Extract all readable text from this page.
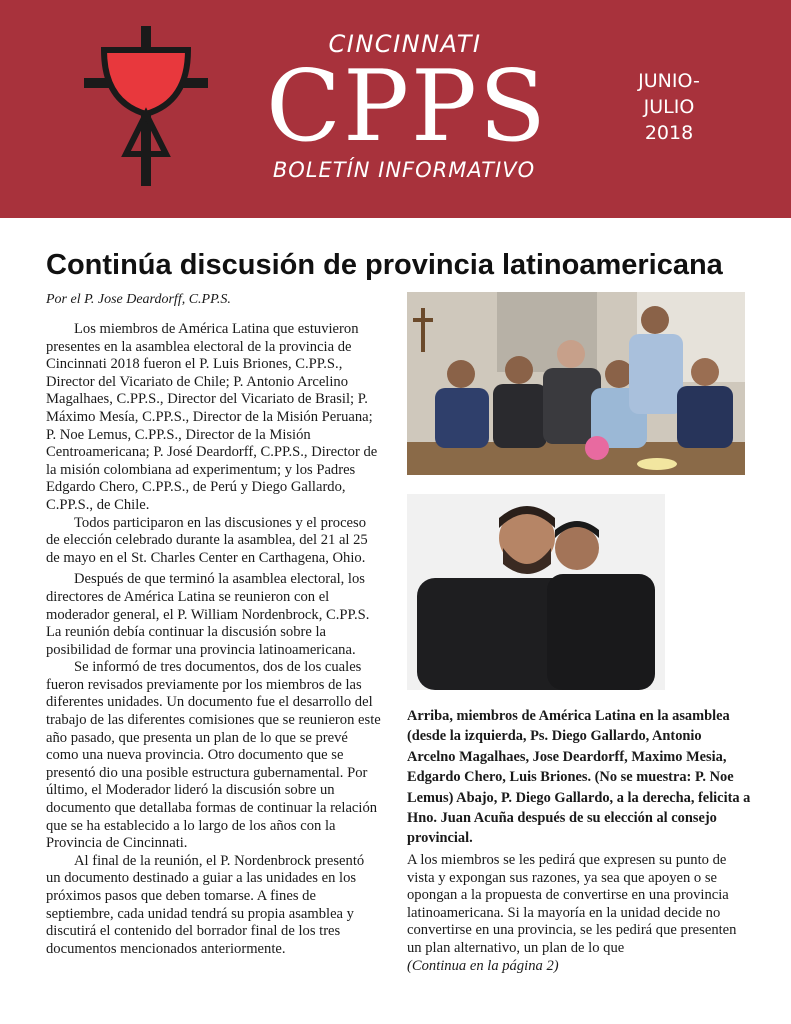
CINCINNATI
CPPS
BOLETÍN INFORMATIVO
JUNIO-
JULIO
2018
Continúa discusión de provincia latinoamericana
Por el P. Jose Deardorff, C.PP.S.

Los miembros de América Latina que estuvieron presentes en la asamblea electoral de la provincia de Cincinnati 2018 fueron el P. Luis Briones, C.PP.S., Director del Vicariato de Chile; P. Antonio Arcelino Magalhaes, C.PP.S., Director del Vicariato de Brasil; P. Máximo Mesía, C.PP.S., Director de la Misión Peruana; P. Noe Lemus, C.PP.S., Director de la Misión Centroamericana; P. José Deardorff, C.PP.S., Director de la misión colombiana ad experimentum; y los Padres Edgardo Chero, C.PP.S., de Perú y Diego Gallardo, C.PP.S., de Chile.

Todos participaron en las discusiones y el proceso de elección celebrado durante la asamblea, del 21 al 25 de mayo en el St. Charles Center en Carthagena, Ohio.

Después de que terminó la asamblea electoral, los directores de América Latina se reunieron con el moderador general, el P. William Nordenbrock, C.PP.S. La reunión debía continuar la discusión sobre la posibilidad de formar una provincia latinoamericana.

Se informó de tres documentos, dos de los cuales fueron revisados previamente por los miembros de las diferentes unidades. Un documento fue el desarrollo del trabajo de las diferentes comisiones que se reunieron este año pasado, que presenta un plan de lo que se prevé como una nueva provincia. Otro documento que se presentó dio una posible estructura gubernamental. Por último, el Moderador lideró la discusión sobre un documento que detallaba formas de continuar la relación que se ha establecido a lo largo de los años con la Provincia de Cincinnati.

Al final de la reunión, el P. Nordenbrock presentó un documento destinado a guiar a las unidades en los próximos pasos que deben tomarse. A fines de septiembre, cada unidad tendrá su propia asamblea y discutirá el contenido del borrador final de los tres documentos mencionados anteriormente.

Arriba, miembros de América Latina en la asamblea (desde la izquierda, Ps. Diego Gallardo, Antonio Arcelno Magalhaes, Jose Deardorff, Maximo Mesia, Edgardo Chero, Luis Briones. (No se muestra: P. Noe Lemus) Abajo, P. Diego Gallardo, a la derecha, felicita a Hno. Juan Acuña después de su elección al consejo provincial.

A los miembros se les pedirá que expresen su punto de vista y expongan sus razones, ya sea que apoyen o se opongan a la propuesta de convertirse en una provincia latinoamericana. Si la mayoría en la unidad decide no convertirse en una provincia, se les pedirá que presenten un plan alternativo, un plan de lo que

(Continua en la página 2)
